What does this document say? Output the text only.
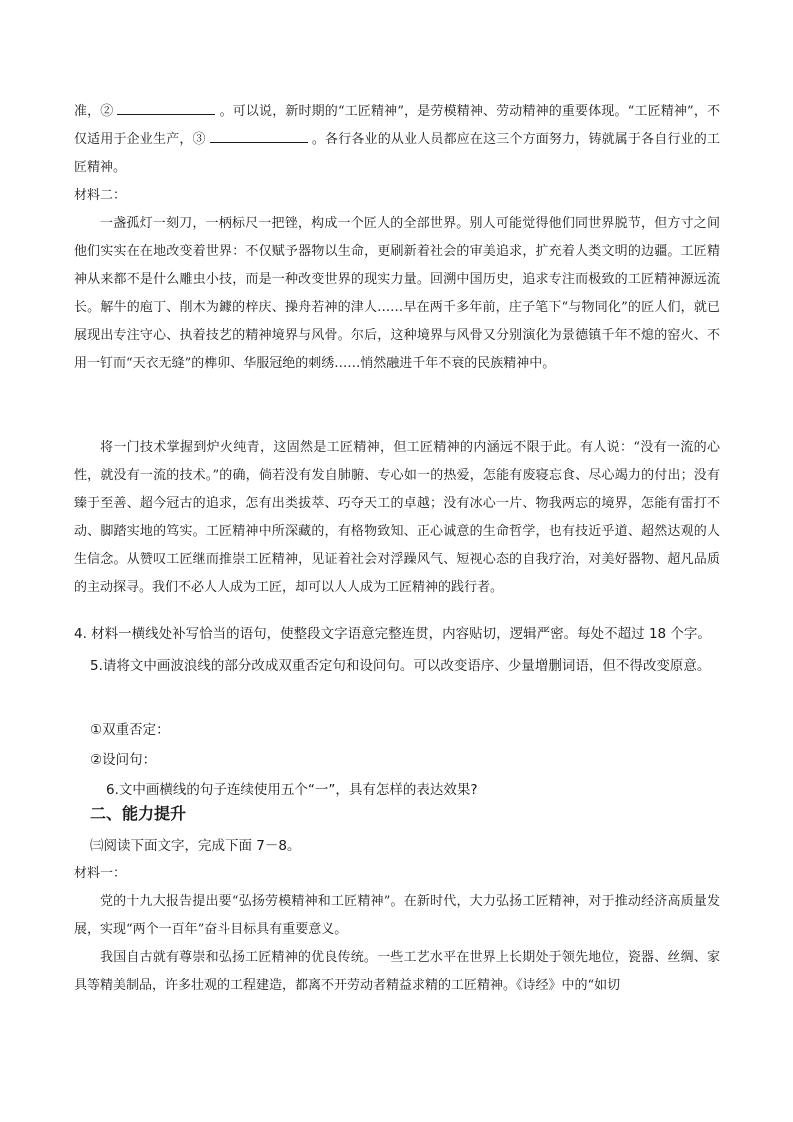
准，②	。可以说，新时期的“工匠精神”，是劳模精神、劳动精神的重要体现。“工匠精神”，不仅适用于企业生产，③	。各行各业的从业人员都应在这三个方面努力，铸就属于各自行业的工匠精神。

材料二：

一盏孤灯一刻刀，一柄标尺一把锉，构成一个匠人的全部世界。别人可能觉得他们同世界脱节，但方寸之间他们实实在在地改变着世界：不仅赋予器物以生命，更刷新着社会的审美追求，扩充着人类文明的边疆。工匠精神从来都不是什么雕虫小技，而是一种改变世界的现实力量。回溯中国历史，追求专注而极致的工匠精神源远流长。解牛的庖丁、削木为鐻的梓庆、操舟若神的津人……早在两千多年前，庄子笔下“与物同化”的匠人们，就已展现出专注守心、执着技艺的精神境界与风骨。尔后，这种境界与风骨又分别演化为景德镇千年不熄的窑火、不用一钉而“天衣无缝”的榫卯、华服冠绝的刺绣……悄然融进千年不衰的民族精神中。

将一门技术掌握到炉火纯青，这固然是工匠精神，但工匠精神的内涵远不限于此。有人说：“没有一流的心性，就没有一流的技术。”的确，倘若没有发自肺腑、专心如一的热爱，怎能有废寝忘食、尽心竭力的付出；没有臻于至善、超今冠古的追求，怎有出类拔萃、巧夺天工的卓越；没有冰心一片、物我两忘的境界，怎能有雷打不动、脚踏实地的笃实。工匠精神中所深藏的，有格物致知、正心诚意的生命哲学，也有技近乎道、超然达观的人生信念。从赞叹工匠继而推崇工匠精神，见证着社会对浮躁风气、短视心态的自我疗治，对美好器物、超凡品质的主动探寻。我们不必人人成为工匠，却可以人人成为工匠精神的践行者。

4. 材料一横线处补写恰当的语句，使整段文字语意完整连贯，内容贴切，逻辑严密。每处不超过 18 个字。

5.请将文中画波浪线的部分改成双重否定句和设问句。可以改变语序、少量增删词语，但不得改变原意。

①双重否定：

②设问句：

6.文中画横线的句子连续使用五个“一”，具有怎样的表达效果?

二、能力提升

㈢阅读下面文字，完成下面 7－8。

材料一：

党的十九大报告提出要“弘扬劳模精神和工匠精神”。在新时代，大力弘扬工匠精神，对于推动经济高质量发展，实现“两个一百年”奋斗目标具有重要意义。

我国自古就有尊崇和弘扬工匠精神的优良传统。一些工艺水平在世界上长期处于领先地位，瓷器、丝绸、家具等精美制品，许多壮观的工程建造，都离不开劳动者精益求精的工匠精神。《诗经》中的“如切
